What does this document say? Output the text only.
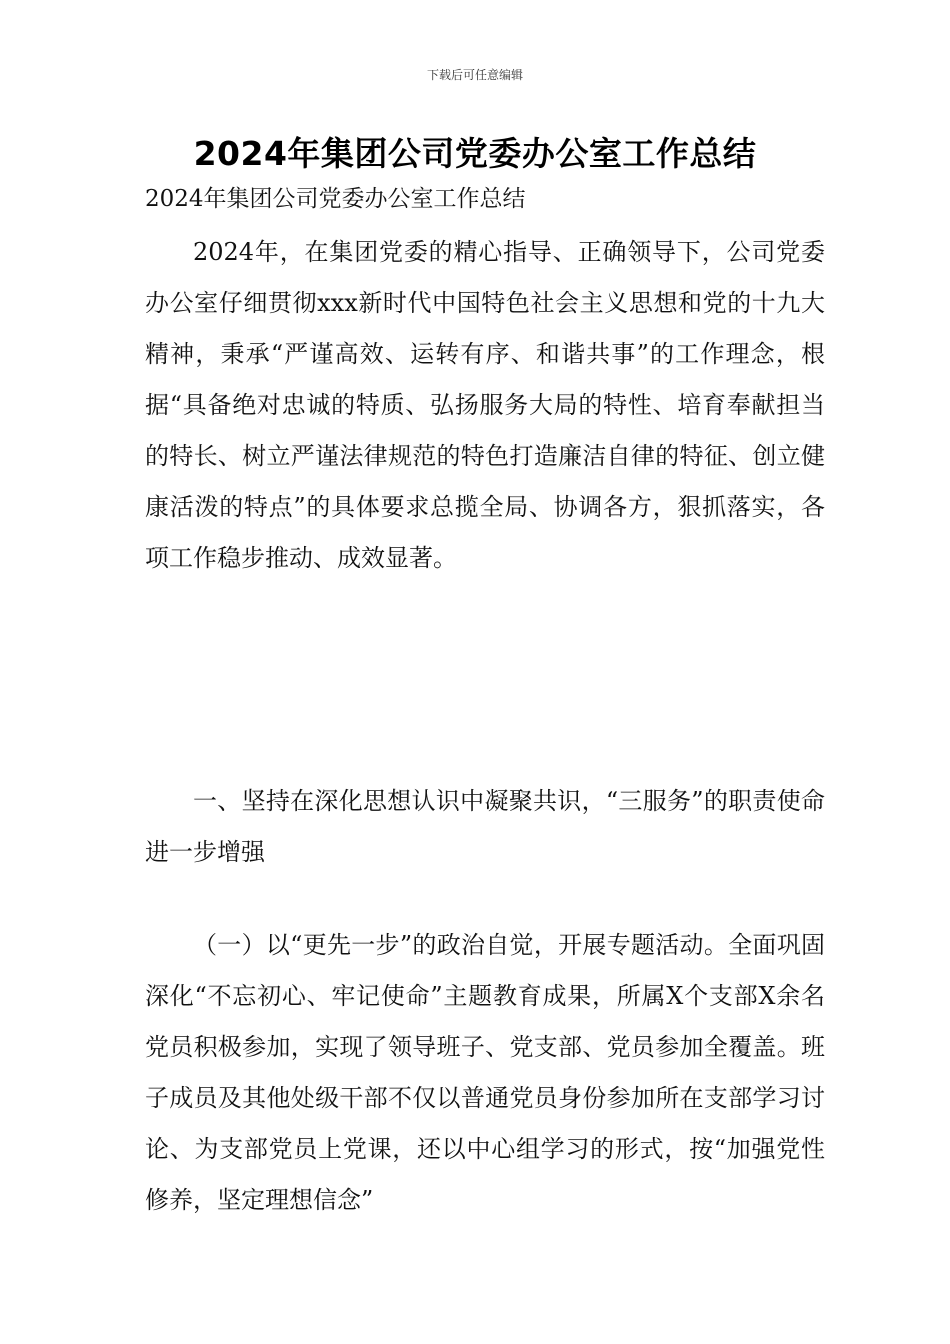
下载后可任意编辑
2024年集团公司党委办公室工作总结
2024年集团公司党委办公室工作总结

2024年，在集团党委的精心指导、正确领导下，公司党委办公室仔细贯彻xxx新时代中国特色社会主义思想和党的十九大精神，秉承“严谨高效、运转有序、和谐共事”的工作理念，根据“具备绝对忠诚的特质、弘扬服务大局的特性、培育奉献担当的特长、树立严谨法律规范的特色打造廉洁自律的特征、创立健康活泼的特点”的具体要求总揽全局、协调各方，狠抓落实，各项工作稳步推动、成效显著。

一、坚持在深化思想认识中凝聚共识，“三服务”的职责使命进一步增强

（一）以“更先一步”的政治自觉，开展专题活动。全面巩固深化“不忘初心、牢记使命”主题教育成果，所属X个支部X余名党员积极参加，实现了领导班子、党支部、党员参加全覆盖。班子成员及其他处级干部不仅以普通党员身份参加所在支部学习讨论、为支部党员上党课，还以中心组学习的形式，按“加强党性修养，坚定理想信念”
